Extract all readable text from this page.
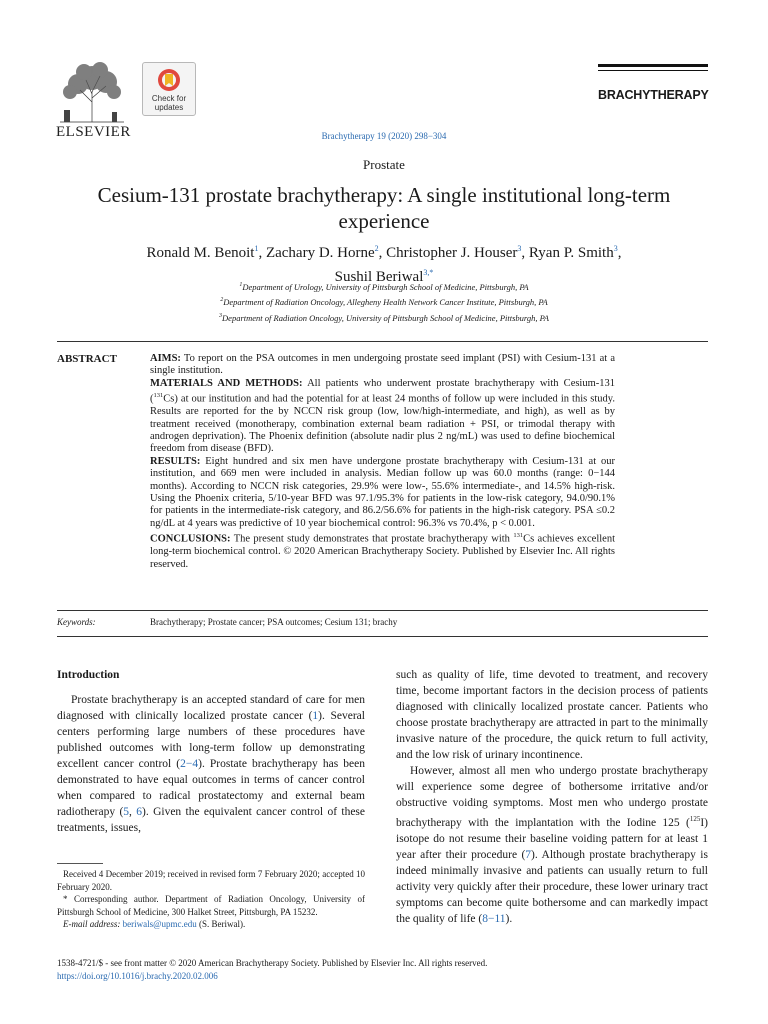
ELSEVIER
Check for
updates
BRACHYTHERAPY
Brachytherapy 19 (2020) 298−304
Prostate
Cesium-131 prostate brachytherapy: A single institutional long-term experience
Ronald M. Benoit$^1$, Zachary D. Horne$^2$, Christopher J. Houser$^3$, Ryan P. Smith$^3$,
Sushil Beriwal$^{3,*}$
$^1$Department of Urology, University of Pittsburgh School of Medicine, Pittsburgh, PA
$^2$Department of Radiation Oncology, Allegheny Health Network Cancer Institute, Pittsburgh, PA
$^3$Department of Radiation Oncology, University of Pittsburgh School of Medicine, Pittsburgh, PA
ABSTRACT	AIMS: To report on the PSA outcomes in men undergoing prostate seed implant (PSI) with Cesium-131 at a single institution.

MATERIALS AND METHODS: All patients who underwent prostate brachytherapy with Cesium-131 ($^{131}$Cs) at our institution and had the potential for at least 24 months of follow up were included in this study. Results are reported for the by NCCN risk group (low, low/high-intermediate, and high), as well as by treatment received (monotherapy, combination external beam radiation + PSI, or trimodal therapy with androgen deprivation). The Phoenix definition (absolute nadir plus 2 ng/mL) was used to define biochemical freedom from disease (BFD).

RESULTS: Eight hundred and six men have undergone prostate brachytherapy with Cesium-131 at our institution, and 669 men were included in analysis. Median follow up was 60.0 months (range: 0−144 months). According to NCCN risk categories, 29.9% were low-, 55.6% intermediate-, and 14.5% high-risk. Using the Phoenix criteria, 5/10-year BFD was 97.1/95.3% for patients in the low-risk category, 94.0/90.1% for patients in the intermediate-risk category, and 86.2/56.6% for patients in the high-risk category. PSA ≤0.2 ng/dL at 4 years was predictive of 10 year biochemical control: 96.3% vs 70.4%, p < 0.001.

CONCLUSIONS: The present study demonstrates that prostate brachytherapy with $^{131}$Cs achieves excellent long-term biochemical control. © 2020 American Brachytherapy Society. Published by Elsevier Inc. All rights reserved.

Keywords:	Brachytherapy; Prostate cancer; PSA outcomes; Cesium 131; brachy

Introduction

Prostate brachytherapy is an accepted standard of care for men diagnosed with clinically localized prostate cancer (1). Several centers performing large numbers of these procedures have published outcomes with long-term follow up demonstrating excellent cancer control (2−4). Prostate brachytherapy has been demonstrated to have equal outcomes in terms of cancer control when compared to radical prostatectomy and external beam radiotherapy (5, 6). Given the equivalent cancer control of these treatments, issues,

Received 4 December 2019; received in revised form 7 February 2020; accepted 10 February 2020.

* Corresponding author. Department of Radiation Oncology, University of Pittsburgh School of Medicine, 300 Halket Street, Pittsburgh, PA 15232.

E-mail address: beriwals@upmc.edu (S. Beriwal).

such as quality of life, time devoted to treatment, and recovery time, become important factors in the decision process of patients diagnosed with clinically localized prostate cancer. Patients who choose prostate brachytherapy are attracted in part to the minimally invasive nature of the procedure, the quick return to full activity, and the low risk of urinary incontinence.

However, almost all men who undergo prostate brachytherapy will experience some degree of bothersome irritative and/or obstructive voiding symptoms. Most men who undergo prostate brachytherapy with the implantation with the Iodine 125 ($^{125}$I) isotope do not resume their baseline voiding pattern for at least 1 year after their procedure (7). Although prostate brachytherapy is indeed minimally invasive and patients can usually return to full activity very quickly after their procedure, these lower urinary tract symptoms can become quite bothersome and can markedly impact the quality of life (8−11).

1538-4721/$ - see front matter © 2020 American Brachytherapy Society. Published by Elsevier Inc. All rights reserved.
https://doi.org/10.1016/j.brachy.2020.02.006
